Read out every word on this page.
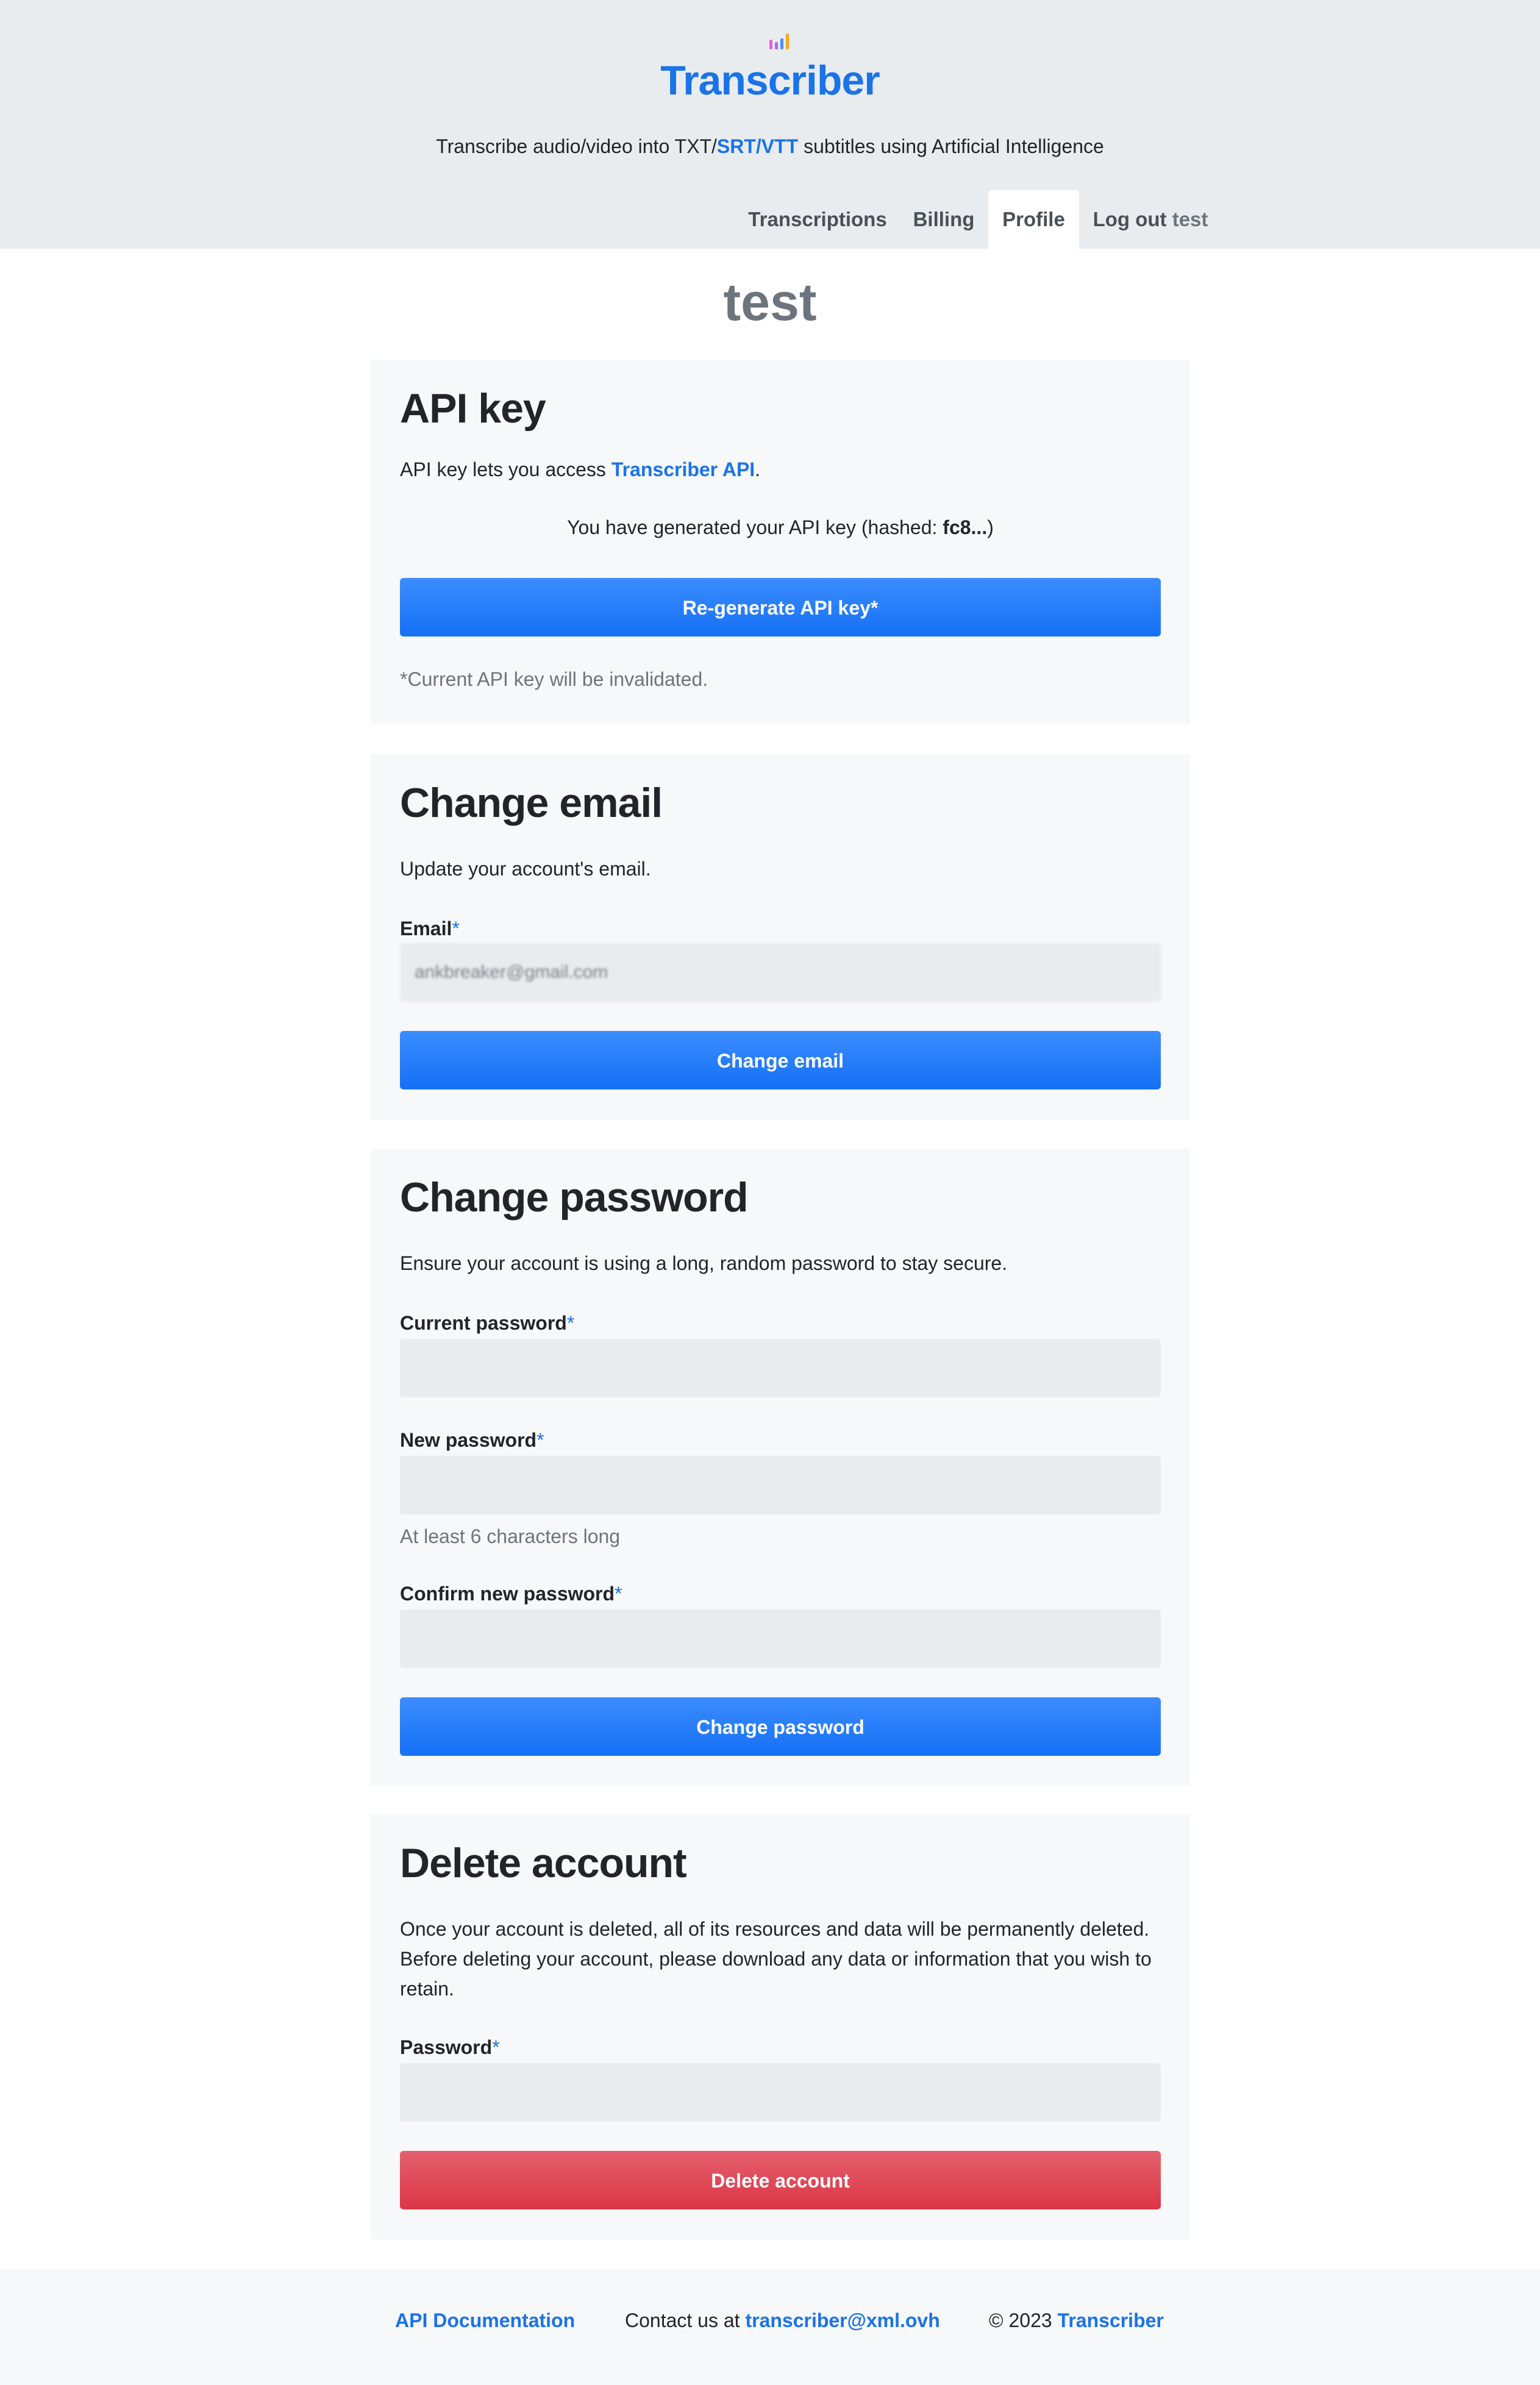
Transcriber
Transcribe audio/video into TXT/SRT/VTT subtitles using Artificial Intelligence
Transcriptions	Billing	Profile	Log out test
test
API key
API key lets you access Transcriber API.
You have generated your API key (hashed: fc8...)
Re-generate API key*
*Current API key will be invalidated.
Change email
Update your account's email.
Email*
ankbreaker@gmail.com
Change email
Change password
Ensure your account is using a long, random password to stay secure.
Current password*
New password*
At least 6 characters long
Confirm new password*
Change password
Delete account
Once your account is deleted, all of its resources and data will be permanently deleted. Before deleting your account, please download any data or information that you wish to retain.
Password*
Delete account
API Documentation	Contact us at transcriber@xml.ovh	© 2023 Transcriber
